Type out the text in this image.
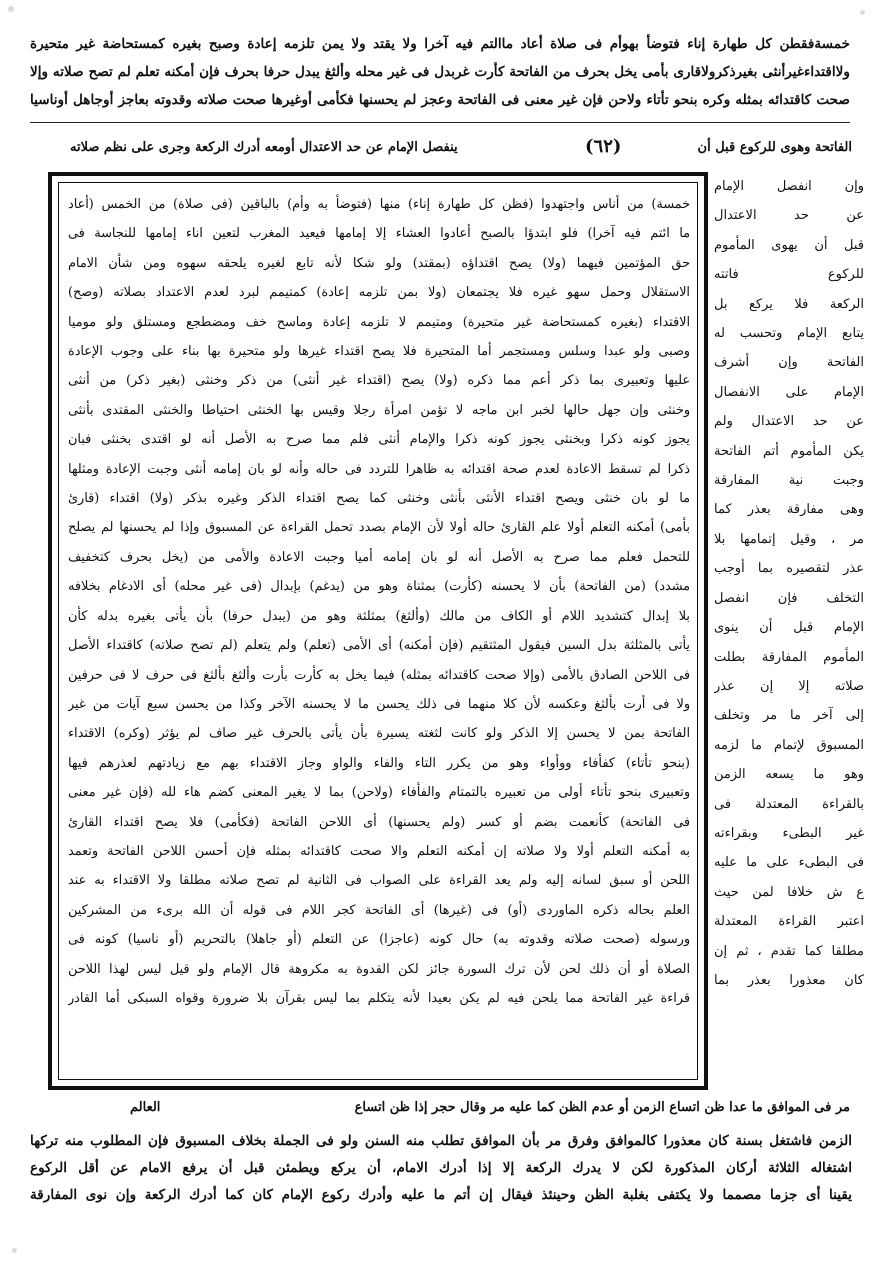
خمسةفقطن كل طهارة إناء فتوضأ بهوأم فى صلاة أعاد ماالتم فيه آخرا ولا يقتد ولا يمن تلزمه إعادة وصبح بغيره كمستحاضة غير متحيرة
ولااقتداءغيرأنثى بغيرذكرولاقارى بأمى يخل بحرف من الفاتحة كأرت غربدل فى غير محله وألثغ يبدل حرفا بحرف فإن أمكنه تعلم لم تصح صلاته وإلا
صحت كاقتدائه بمثله وكره بنحو تأتاء ولاحن فإن غير معنى فى الفاتحة وعجز لم يحسنها فكأمى أوغيرها صحت صلاته وقدوته بعاجز أوجاهل أوناسيا
الفاتحة وهوى للركوع قبل أن
(٦٢)
ينفصل الإمام عن حد الاعتدال أومعه أدرك الركعة وجرى على نظم صلاته
خمسة) من أناس واجتهدوا (فظن كل طهارة إناء) منها (فتوضأ به وأم) بالباقين (فى صلاة) من الخمس (أعاد
ما ائتم فيه آخرا) فلو ابتدؤا بالصبح أعادوا العشاء إلا إمامها فيعيد المغرب لتعين اناء إمامها للنجاسة فى
حق المؤتمين فيهما (ولا) يصح اقتداؤه (بمقتد) ولو شكا لأنه تابع لغيره يلحقه سهوه ومن شأن الامام
الاستقلال وحمل سهو غيره فلا يجتمعان (ولا بمن تلزمه إعادة) كمتيمم لبرد لعدم الاعتداد بصلاته (وصح)
الاقتداء (بغيره كمستحاضة غير متحيرة) ومتيمم لا تلزمه إعادة وماسح خف ومضطجع ومستلق ولو موميا
وصبى ولو عبدا وسلس ومستجمر أما المتحيرة فلا يصح اقتداء غيرها ولو متحيرة بها بناء على وجوب الإعادة
عليها وتعبيرى بما ذكر أعم مما ذكره (ولا) يصح (اقتداء غير أنثى) من ذكر وخنثى (بغير ذكر) من أنثى
وخنثى وإن جهل حالها لخبر ابن ماجه لا تؤمن امرأة رجلا وقيس بها الخنثى احتياطا والخنثى المقتدى بأنثى
يجوز كونه ذكرا وبخنثى يجوز كونه ذكرا والإمام أنثى فلم مما صرح به الأصل أنه لو اقتدى بخنثى فبان
ذكرا لم تسقط الاعادة لعدم صحة اقتدائه به ظاهرا للتردد فى حاله وأنه لو بان إمامه أنثى وجبت الإعادة ومثلها
ما لو بان خنثى ويصح اقتداء الأنثى بأنثى وخنثى كما يصح اقتداء الذكر وغيره بذكر (ولا) اقتداء (قارئ
بأمى) أمكنه التعلم أولا علم القارئ حاله أولا لأن الإمام بصدد تحمل القراءة عن المسبوق وإذا لم يحسنها لم يصلح
للتحمل فعلم مما صرح به الأصل أنه لو بان إمامه أميا وجبت الاعادة والأمى من (يخل بحرف كتخفيف
مشدد) (من الفاتحة) بأن لا يحسنه (كأرت) بمثناة وهو من (يدغم) بإبدال (فى غير محله) أى الادغام بخلافه
بلا إبدال كتشديد اللام أو الكاف من مالك (وألثغ) بمثلثة وهو من (يبدل حرفا) بأن يأتى بغيره بدله كأن
يأتى بالمثلثة بدل السين فيقول المثتقيم (فإن أمكنه) أى الأمى (تعلم) ولم يتعلم (لم تصح صلاته) كاقتداء الأصل
فى اللاحن الصادق بالأمى (وإلا صحت كاقتدائه بمثله) فيما يخل به كأرت بأرت وألثغ بألثغ فى حرف لا فى حرفين
ولا فى أرت بألثغ وعكسه لأن كلا منهما فى ذلك يحسن ما لا يحسنه الآخر وكذا من يحسن سبع آيات من غير
الفاتحة بمن لا يحسن إلا الذكر ولو كانت لثغته يسيرة بأن يأتى بالحرف غير صاف لم يؤثر (وكره) الاقتداء
(بنحو تأتاء) كفأفاء ووأواء وهو من يكرر التاء والفاء والواو وجاز الاقتداء بهم مع زيادتهم لعذرهم فيها
وتعبيرى بنحو تأتاء أولى من تعبيره بالتمتام والفأفاء (ولاحن) بما لا يغير المعنى كضم هاء لله (فإن غير معنى
فى الفاتحة) كأنعمت بضم أو كسر (ولم يحسنها) أى اللاحن الفاتحة (فكأمى) فلا يصح اقتداء القارئ
به أمكنه التعلم أولا ولا صلاته إن أمكنه التعلم والا صحت كاقتدائه بمثله فإن أحسن اللاحن الفاتحة وتعمد
اللحن أو سبق لسانه إليه ولم يعد القراءة على الصواب فى الثانية لم تصح صلاته مطلقا ولا الاقتداء به عند
العلم بحاله ذكره الماوردى (أو) فى (غيرها) أى الفاتحة كجر اللام فى قوله أن الله برىء من المشركين
ورسوله (صحت صلاته وقدوته به) حال كونه (عاجزا) عن التعلم (أو جاهلا) بالتحريم (أو ناسيا) كونه فى
الصلاة أو أن ذلك لحن لأن ترك السورة جائز لكن القدوة به مكروهة قال الإمام ولو قيل ليس لهذا اللاحن
قراءة غير الفاتحة مما يلحن فيه لم يكن بعيدا لأنه يتكلم بما ليس بقرآن بلا ضرورة وقواه السبكى أما القادر
وإن انفصل الإمام
عن حد الاعتدال
قبل أن يهوى المأموم
للركوع فاتته
الركعة فلا يركع بل
يتابع الإمام وتحسب له
الفاتحة وإن أشرف
الإمام على الانفصال
عن حد الاعتدال ولم
يكن المأموم أتم الفاتحة
وجبت نية المفارقة
وهى مفارقة بعذر كما
مر ، وقيل إتمامها بلا
عذر لتقصيره بما أوجب
التخلف فإن انفصل
الإمام قبل أن ينوى
المأموم المفارقة بطلت
صلاته إلا إن عذر
إلى آخر ما مر وتخلف
المسبوق لإتمام ما لزمه
وهو ما يسعه الزمن
بالقراءة المعتدلة فى
غير البطىء وبقراءته
فى البطىء على ما عليه
ع ش خلافا لمن حيث
اعتبر القراءة المعتدلة
مطلقا كما تقدم ، ثم إن
كان معذورا بعذر بما
مر فى الموافق ما عدا ظن اتساع الزمن أو عدم الظن كما عليه مر وقال حجر إذا ظن اتساع
العالم
الزمن فاشتغل بسنة كان معذورا كالموافق وفرق مر بأن الموافق تطلب منه السنن ولو فى الجملة بخلاف المسبوق فإن المطلوب منه تركها
اشتغاله الثلاثة أركان المذكورة لكن لا يدرك الركعة إلا إذا أدرك الامام، أن يركع ويطمئن قبل أن يرفع الامام عن أقل الركوع
يقينا أى جزما مصمما ولا يكتفى بغلبة الظن وحينئذ فيقال إن أتم ما عليه وأدرك ركوع الإمام كان كما أدرك الركعة وإن نوى المفارقة
